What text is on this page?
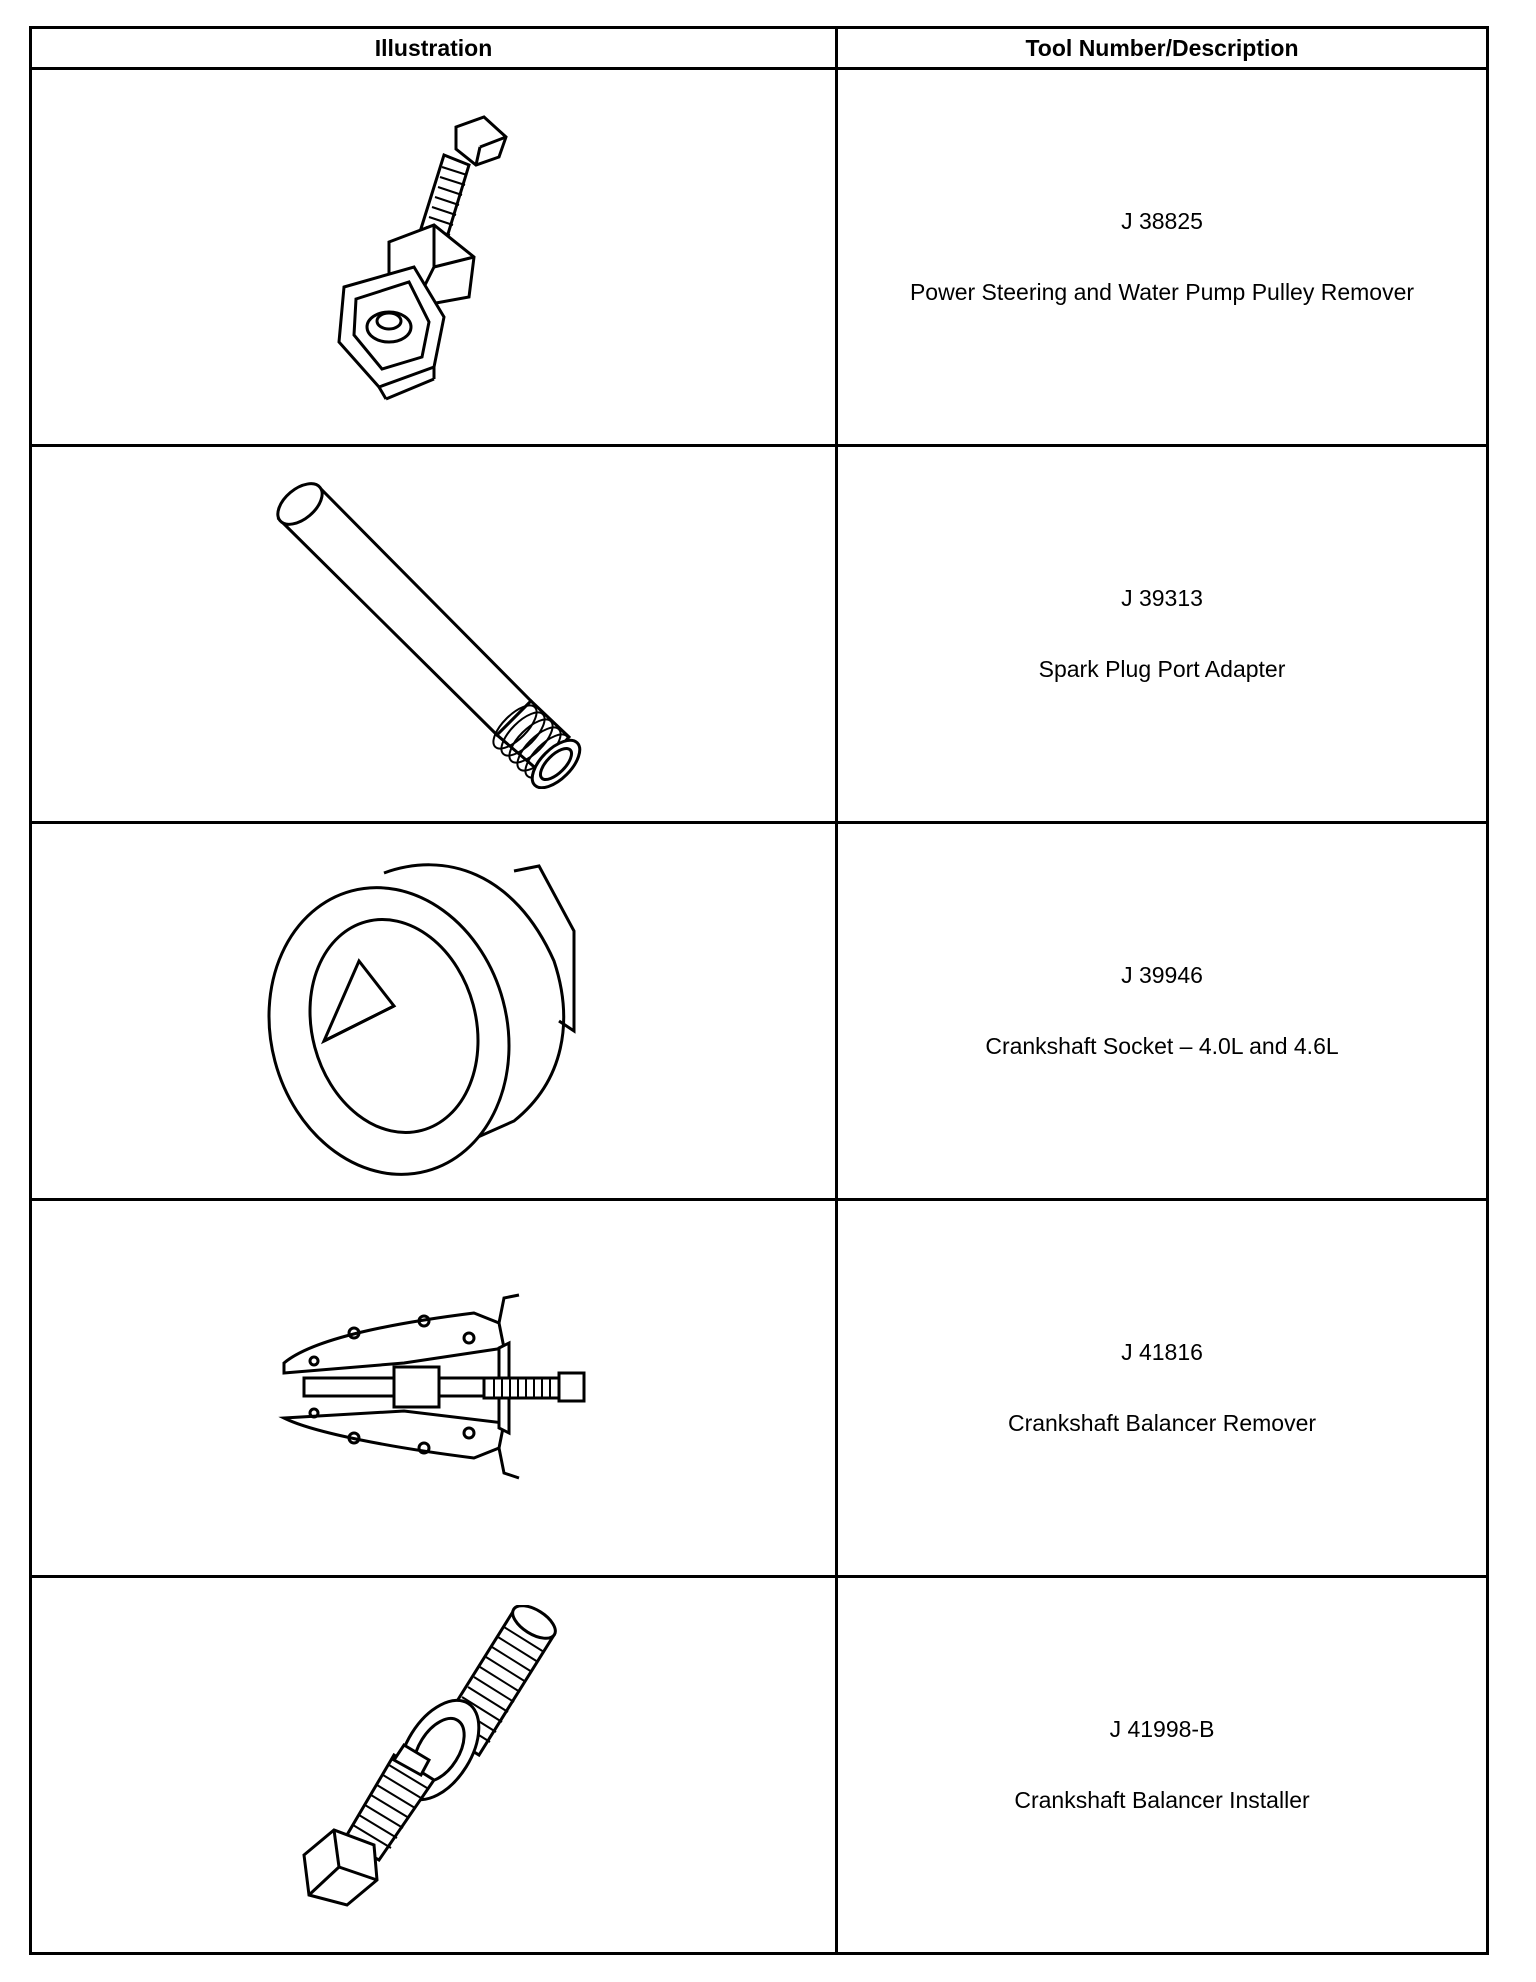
Illustration	Tool Number/Description

J 38825
Power Steering and Water Pump Pulley Remover

J 39313
Spark Plug Port Adapter

J 39946
Crankshaft Socket – 4.0L and 4.6L

J 41816
Crankshaft Balancer Remover

J 41998-B
Crankshaft Balancer Installer
